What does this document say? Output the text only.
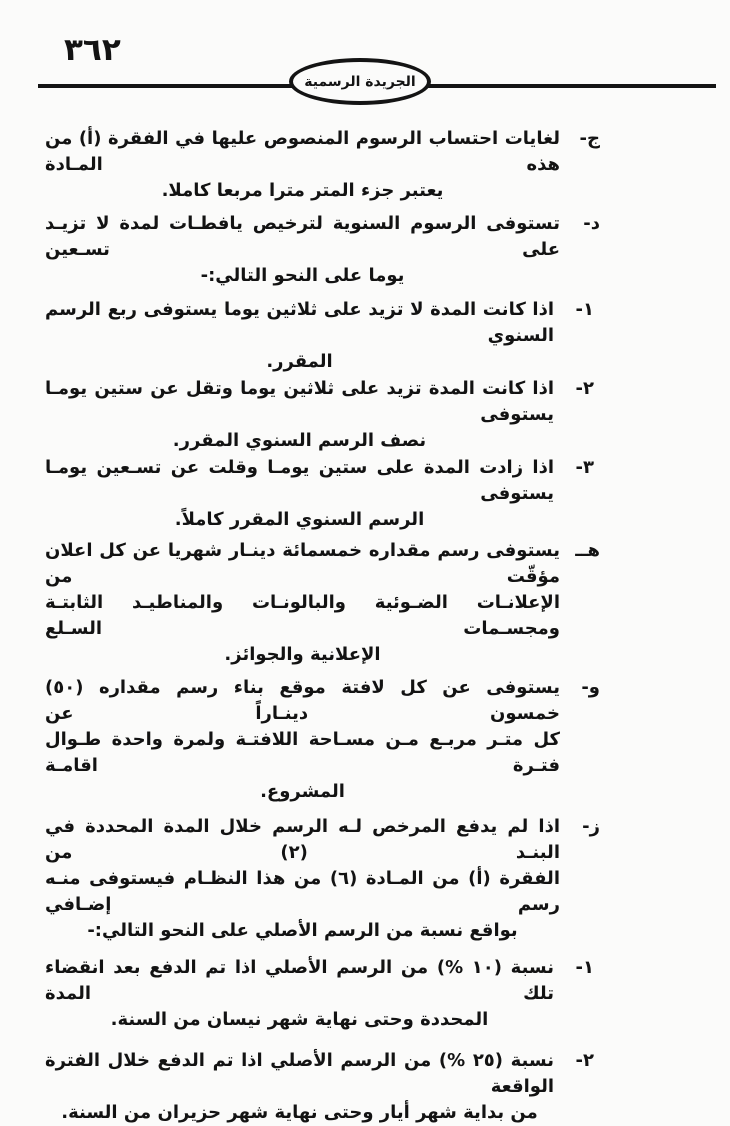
٣٦٢
الجريدة الرسمية
ج-
لغايات احتساب الرسوم المنصوص عليها في الفقرة (أ) من هذه المـادة
يعتبر جزء المتر مترا مربعا كاملا.
د-
تستوفى الرسوم السنوية لترخيص يافطـات لمدة لا تزيـد على تسـعين
يوما على النحو التالي:-
١-
اذا كانت المدة لا تزيد على ثلاثين يوما يستوفى ربع الرسم السنوي
المقرر.
٢-
اذا كانت المدة تزيد على ثلاثين يوما وتقل عن ستين يومـا يستوفى
نصف الرسم السنوي المقرر.
٣-
اذا زادت المدة على ستين يومـا وقلت عن تسـعين يومـا يستوفى
الرسم السنوي المقرر كاملاً.
هــ
يستوفى رسم مقداره خمسمائة دينـار شهريا عن كل اعلان مؤقّت من
الإعلانـات الضـوئية والبالونـات والمناطيـد الثابتـة ومجسـمات السـلع
الإعلانية والجوائز.
و-
يستوفى عن كل لافتة موقع بناء رسم مقداره (٥٠) خمسون دينـاراً عن
كل متـر مربـع مـن مسـاحة اللافتـة ولمرة واحدة طـوال فتـرة اقامـة
المشروع.
ز-
اذا لم يدفع المرخص لـه الرسم خلال المدة المحددة في البنـد (٢) من
الفقرة (أ) من المـادة (٦) من هذا النظـام فيستوفى منـه رسم إضـافي
بواقع نسبة من الرسم الأصلي على النحو التالي:-
١-
نسبة (١٠ %) من الرسم الأصلي اذا تم الدفع بعد انقضاء تلك المدة
المحددة وحتى نهاية شهر نيسان من السنة.
٢-
نسبة (٢٥ %) من الرسم الأصلي اذا تم الدفع خلال الفترة الواقعة
من بداية شهر أيار وحتى نهاية شهر حزيران من السنة.
